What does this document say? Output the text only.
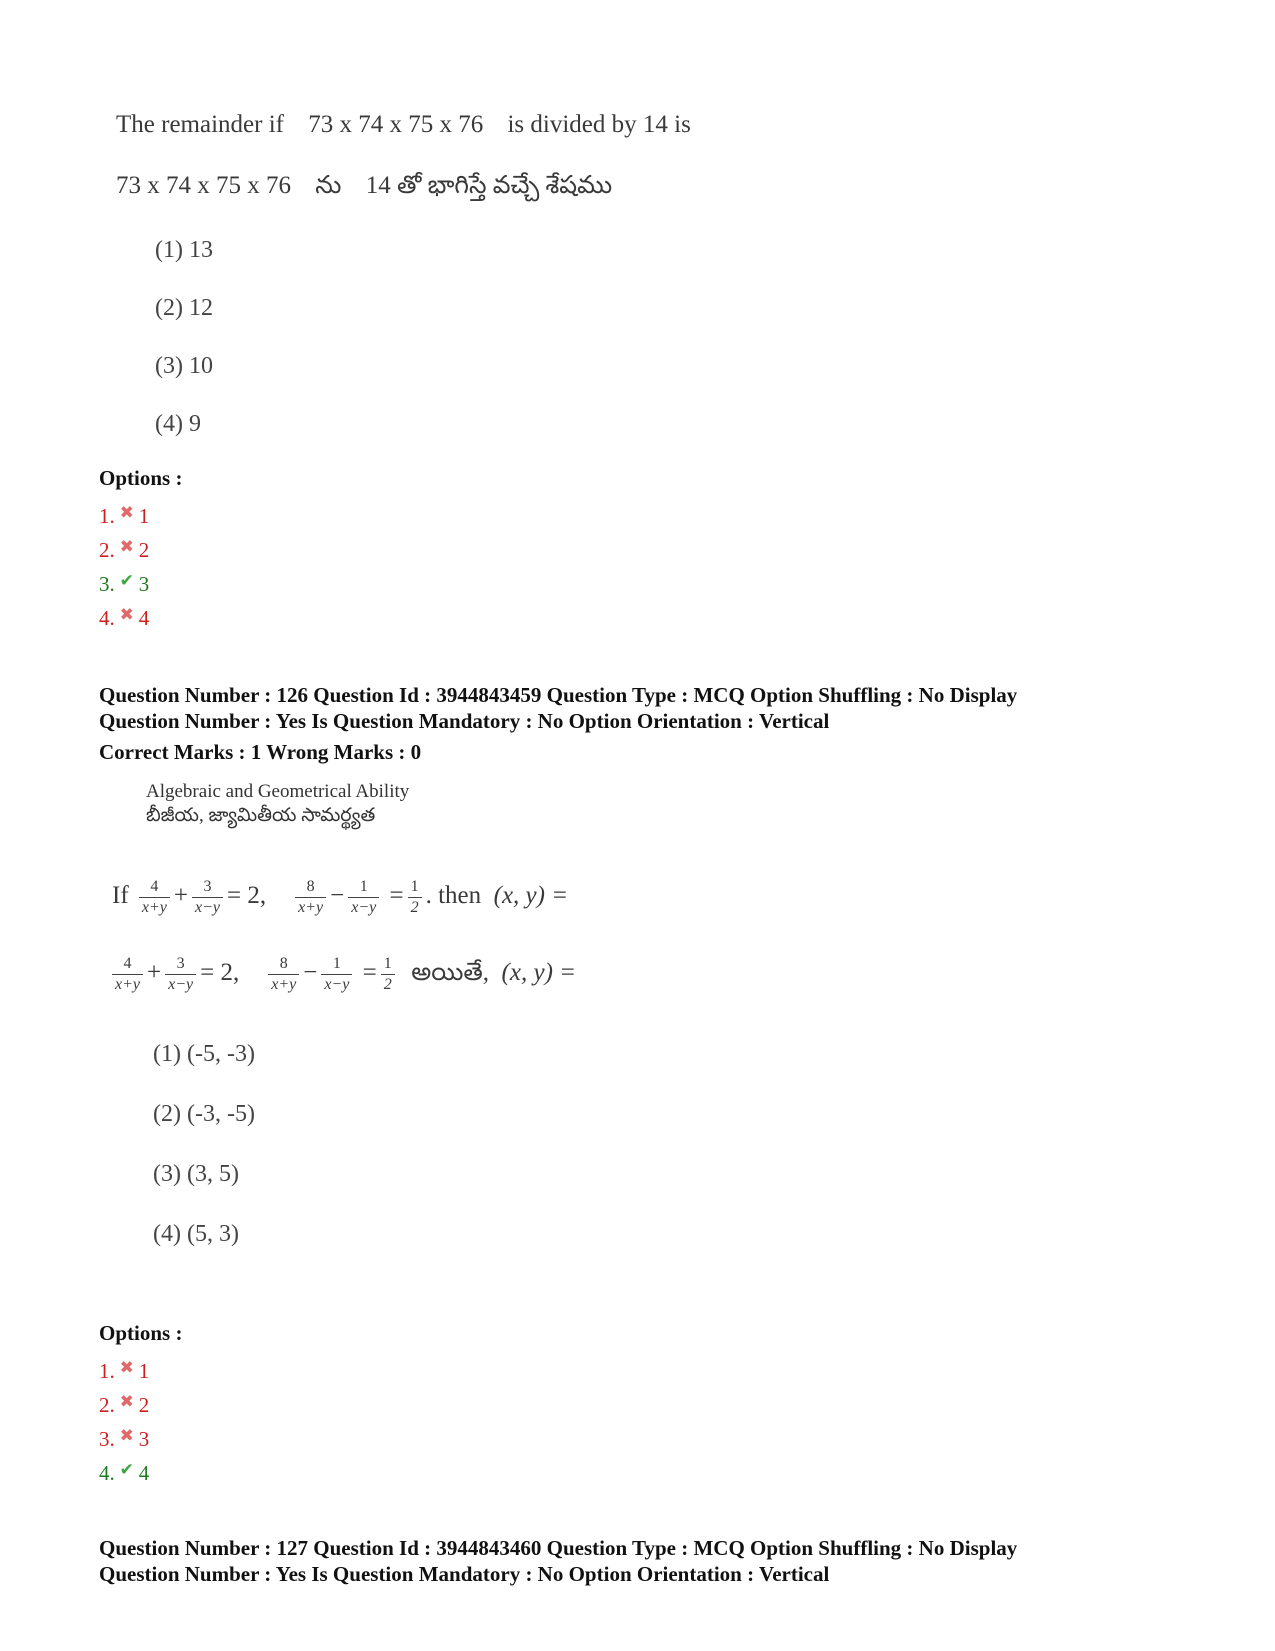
The remainder if 73 x 74 x 75 x 76 is divided by 14 is
73 x 74 x 75 x 76 ను 14 తో భాగిస్తే వచ్చే శేషము
(1) 13
(2) 12
(3) 10
(4) 9
Options :
1. ✖ 1
2. ✖ 2
3. ✔ 3
4. ✖ 4
Question Number : 126 Question Id : 3944843459 Question Type : MCQ Option Shuffling : No Display
Question Number : Yes Is Question Mandatory : No Option Orientation : Vertical
Correct Marks : 1 Wrong Marks : 0
Algebraic and Geometrical Ability
బీజీయ, జ్యామితీయ సామర్థ్యత
If $\frac{4}{x+y} + \frac{3}{x-y} = 2$, $\frac{8}{x+y} - \frac{1}{x-y} = \frac{1}{2}$ . then (x, y) =
$\frac{4}{x+y} + \frac{3}{x-y} = 2$, $\frac{8}{x+y} - \frac{1}{x-y} = \frac{1}{2}$ అయితే, (x, y) =
(1) (-5, -3)
(2) (-3, -5)
(3) (3, 5)
(4) (5, 3)
Options :
1. ✖ 1
2. ✖ 2
3. ✖ 3
4. ✔ 4
Question Number : 127 Question Id : 3944843460 Question Type : MCQ Option Shuffling : No Display
Question Number : Yes Is Question Mandatory : No Option Orientation : Vertical
